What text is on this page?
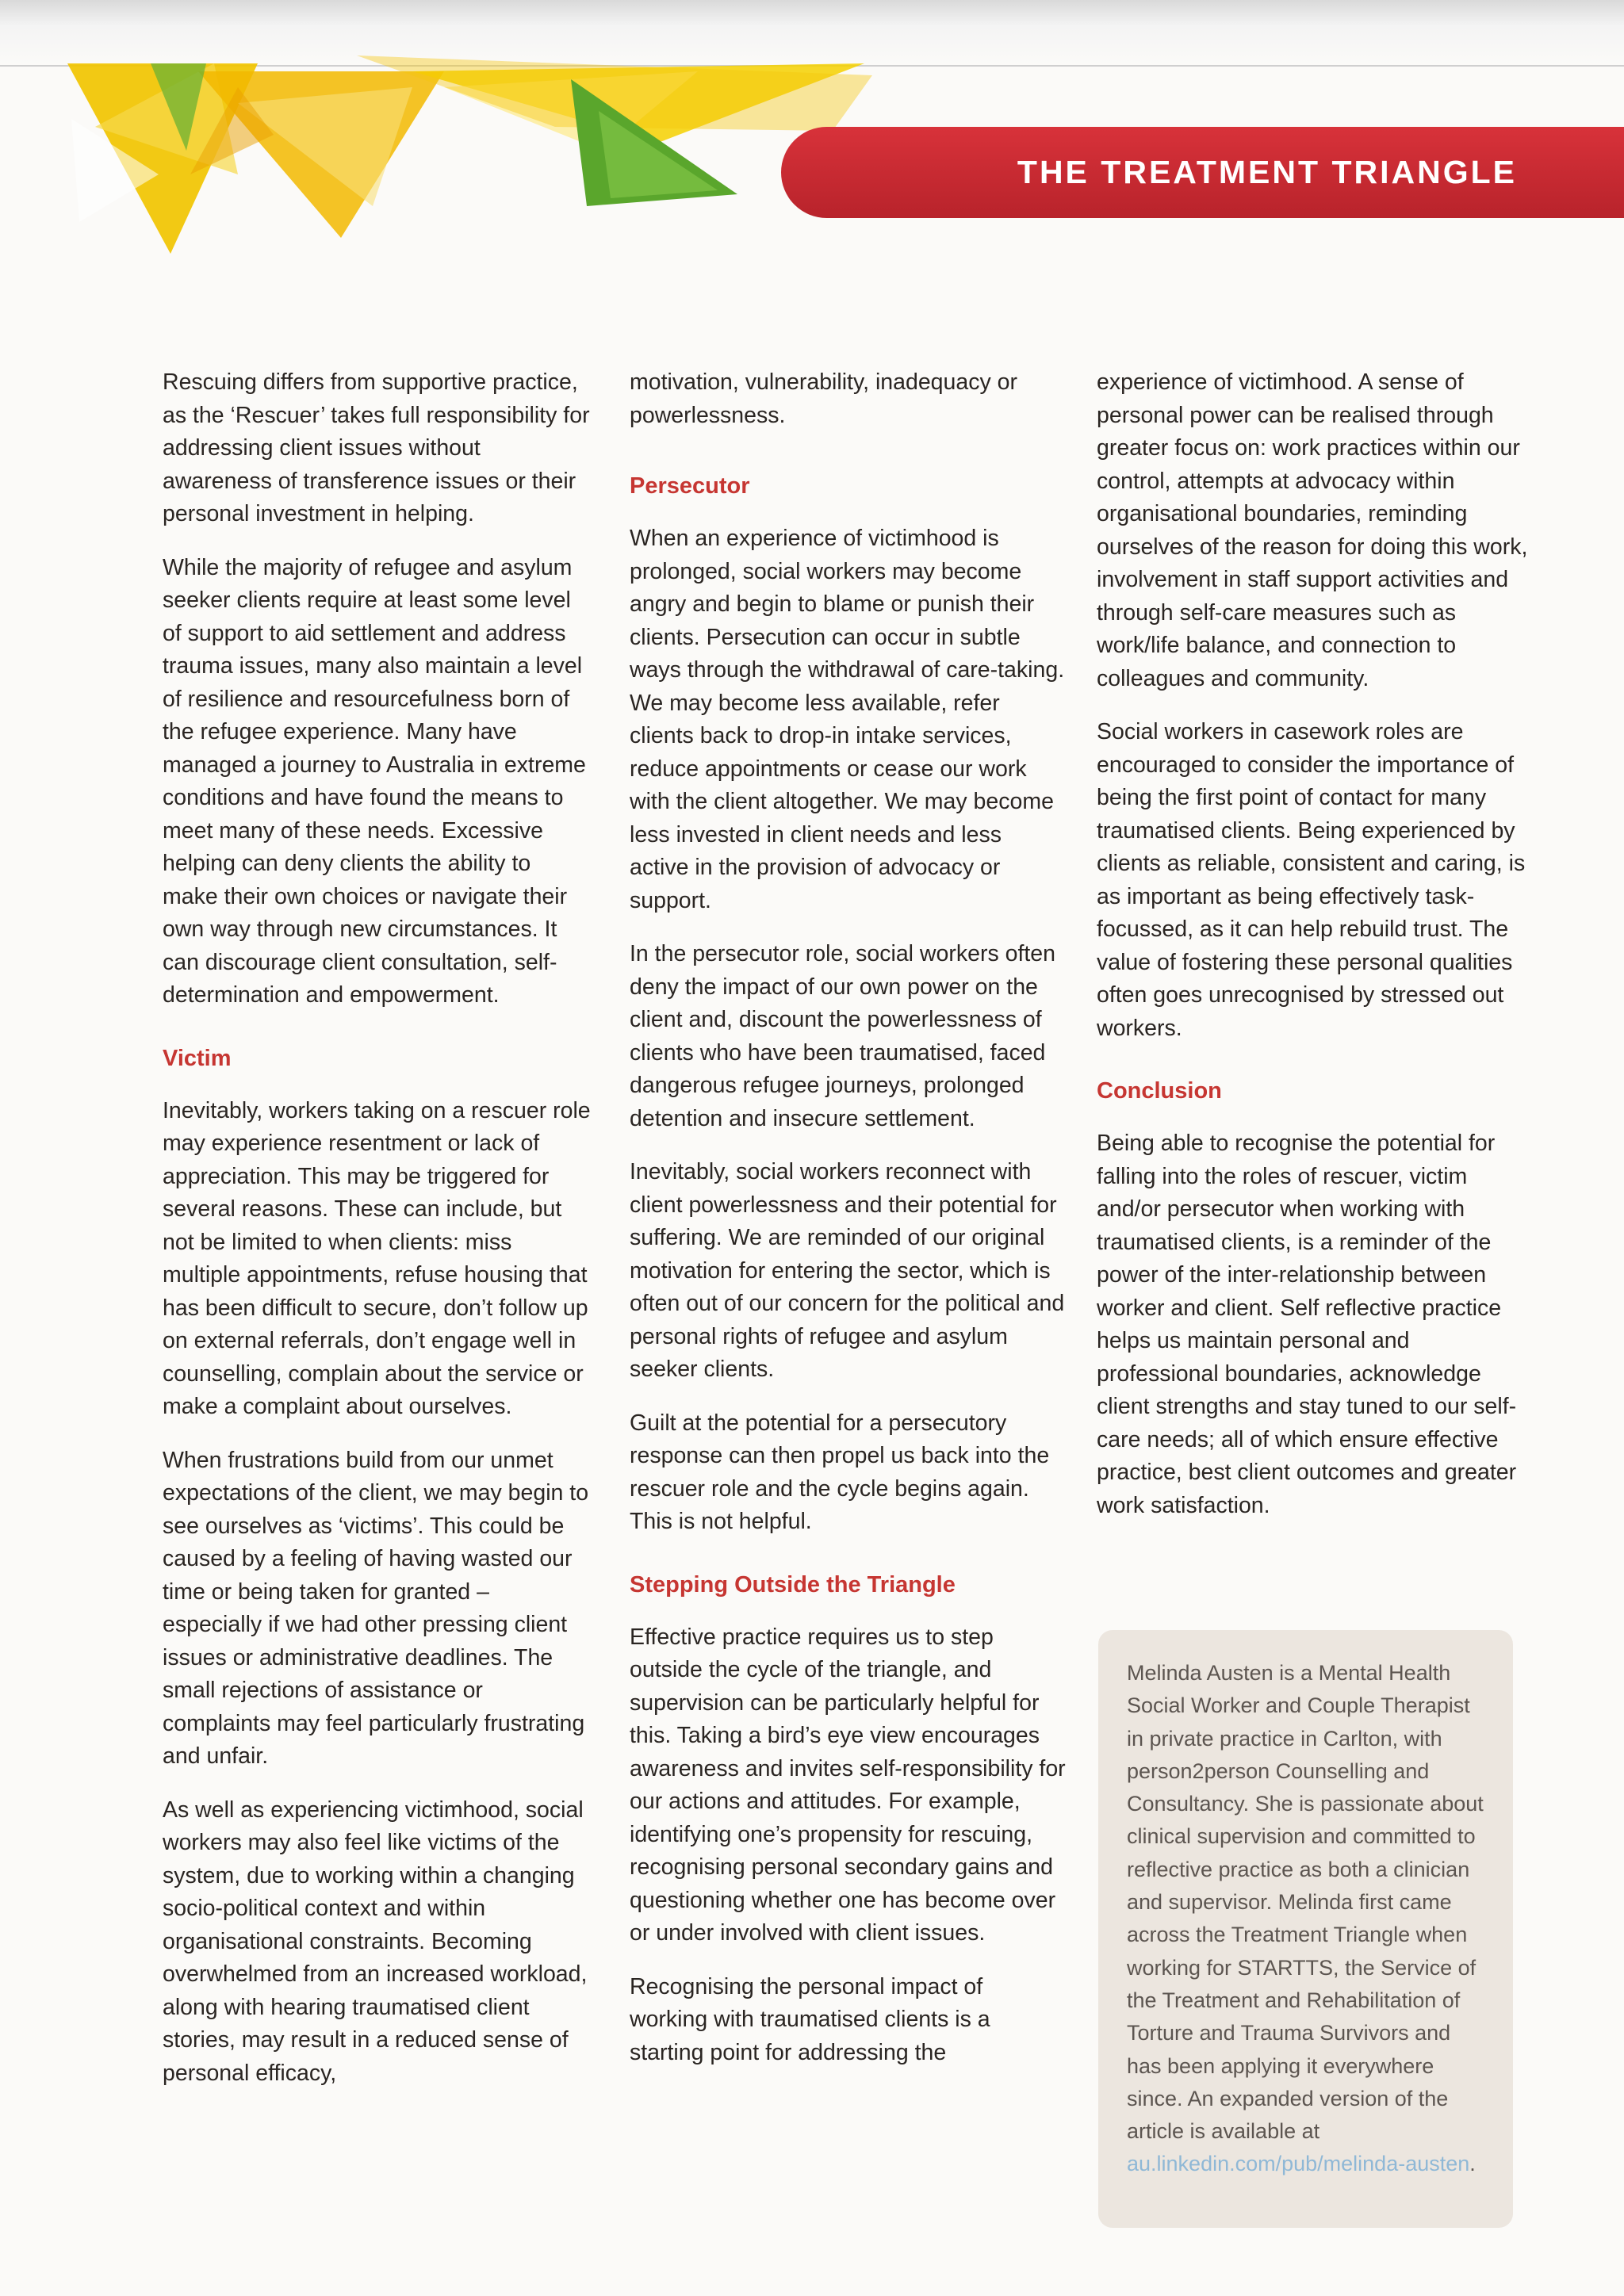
THE TREATMENT TRIANGLE

Rescuing differs from supportive practice, as the ‘Rescuer’ takes full responsibility for addressing client issues without awareness of transference issues or their personal investment in helping.

While the majority of refugee and asylum seeker clients require at least some level of support to aid settlement and address trauma issues, many also maintain a level of resilience and resourcefulness born of the refugee experience. Many have managed a journey to Australia in extreme conditions and have found the means to meet many of these needs. Excessive helping can deny clients the ability to make their own choices or navigate their own way through new circumstances. It can discourage client consultation, self-determination and empowerment.

Victim

Inevitably, workers taking on a rescuer role may experience resentment or lack of appreciation. This may be triggered for several reasons. These can include, but not be limited to when clients: miss multiple appointments, refuse housing that has been difficult to secure, don’t follow up on external referrals, don’t engage well in counselling, complain about the service or make a complaint about ourselves.

When frustrations build from our unmet expectations of the client, we may begin to see ourselves as ‘victims’. This could be caused by a feeling of having wasted our time or being taken for granted – especially if we had other pressing client issues or administrative deadlines. The small rejections of assistance or complaints may feel particularly frustrating and unfair.

As well as experiencing victimhood, social workers may also feel like victims of the system, due to working within a changing socio-political context and within organisational constraints. Becoming overwhelmed from an increased workload, along with hearing traumatised client stories, may result in a reduced sense of personal efficacy,

motivation, vulnerability, inadequacy or powerlessness.

Persecutor

When an experience of victimhood is prolonged, social workers may become angry and begin to blame or punish their clients. Persecution can occur in subtle ways through the withdrawal of care-taking. We may become less available, refer clients back to drop-in intake services, reduce appointments or cease our work with the client altogether. We may become less invested in client needs and less active in the provision of advocacy or support.

In the persecutor role, social workers often deny the impact of our own power on the client and, discount the powerlessness of clients who have been traumatised, faced dangerous refugee journeys, prolonged detention and insecure settlement.

Inevitably, social workers reconnect with client powerlessness and their potential for suffering. We are reminded of our original motivation for entering the sector, which is often out of our concern for the political and personal rights of refugee and asylum seeker clients.

Guilt at the potential for a persecutory response can then propel us back into the rescuer role and the cycle begins again. This is not helpful.

Stepping Outside the Triangle

Effective practice requires us to step outside the cycle of the triangle, and supervision can be particularly helpful for this. Taking a bird’s eye view encourages awareness and invites self-responsibility for our actions and attitudes. For example, identifying one’s propensity for rescuing, recognising personal secondary gains and questioning whether one has become over or under involved with client issues.

Recognising the personal impact of working with traumatised clients is a starting point for addressing the

experience of victimhood. A sense of personal power can be realised through greater focus on: work practices within our control, attempts at advocacy within organisational boundaries, reminding ourselves of the reason for doing this work, involvement in staff support activities and through self-care measures such as work/life balance, and connection to colleagues and community.

Social workers in casework roles are encouraged to consider the importance of being the first point of contact for many traumatised clients. Being experienced by clients as reliable, consistent and caring, is as important as being effectively task-focussed, as it can help rebuild trust. The value of fostering these personal qualities often goes unrecognised by stressed out workers.

Conclusion

Being able to recognise the potential for falling into the roles of rescuer, victim and/or persecutor when working with traumatised clients, is a reminder of the power of the inter-relationship between worker and client. Self reflective practice helps us maintain personal and professional boundaries, acknowledge client strengths and stay tuned to our self-care needs; all of which ensure effective practice, best client outcomes and greater work satisfaction.

Melinda Austen is a Mental Health Social Worker and Couple Therapist in private practice in Carlton, with person2person Counselling and Consultancy. She is passionate about clinical supervision and committed to reflective practice as both a clinician and supervisor. Melinda first came across the Treatment Triangle when working for STARTTS, the Service of the Treatment and Rehabilitation of Torture and Trauma Survivors and has been applying it everywhere since. An expanded version of the article is available at au.linkedin.com/pub/melinda-austen.
